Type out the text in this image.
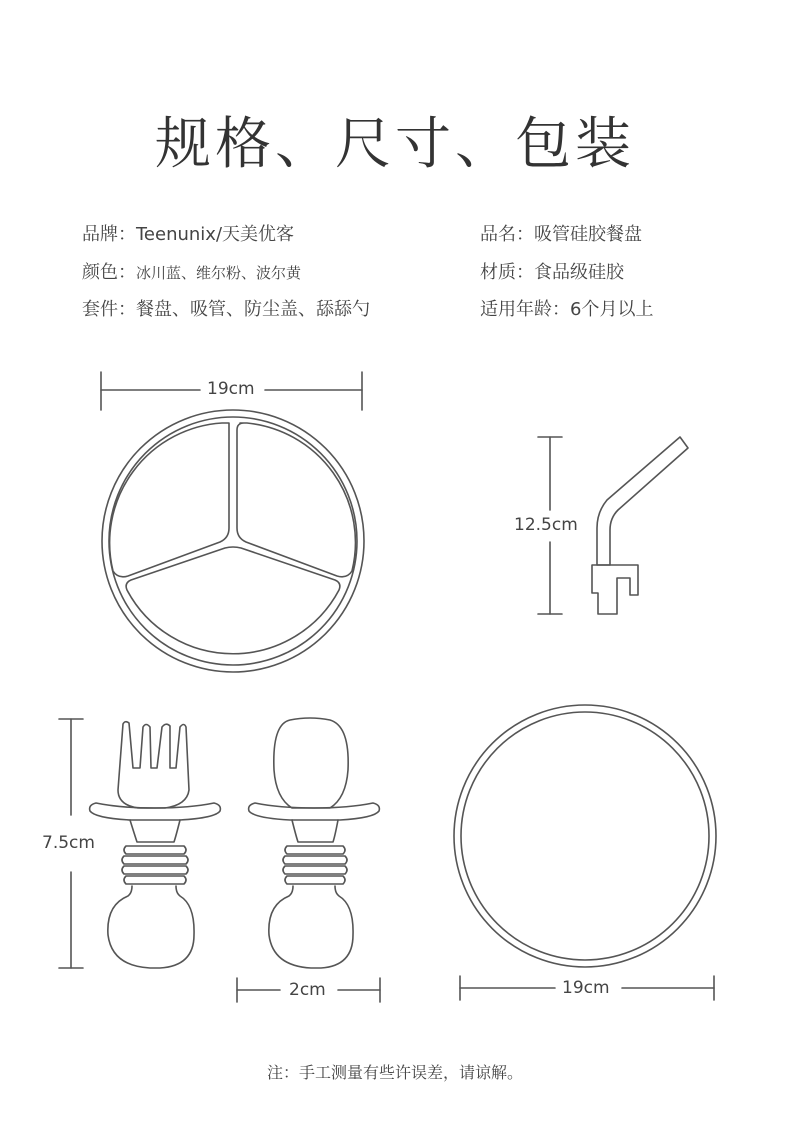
规格、尺寸、包装
品牌：Teenunix/天美优客
颜色：冰川蓝、维尔粉、波尔黄
套件：餐盘、吸管、防尘盖、舔舔勺
品名：吸管硅胶餐盘
材质：食品级硅胶
适用年龄：6个月以上
19cm
12.5cm
7.5cm
2cm	19cm
注：手工测量有些许误差，请谅解。
